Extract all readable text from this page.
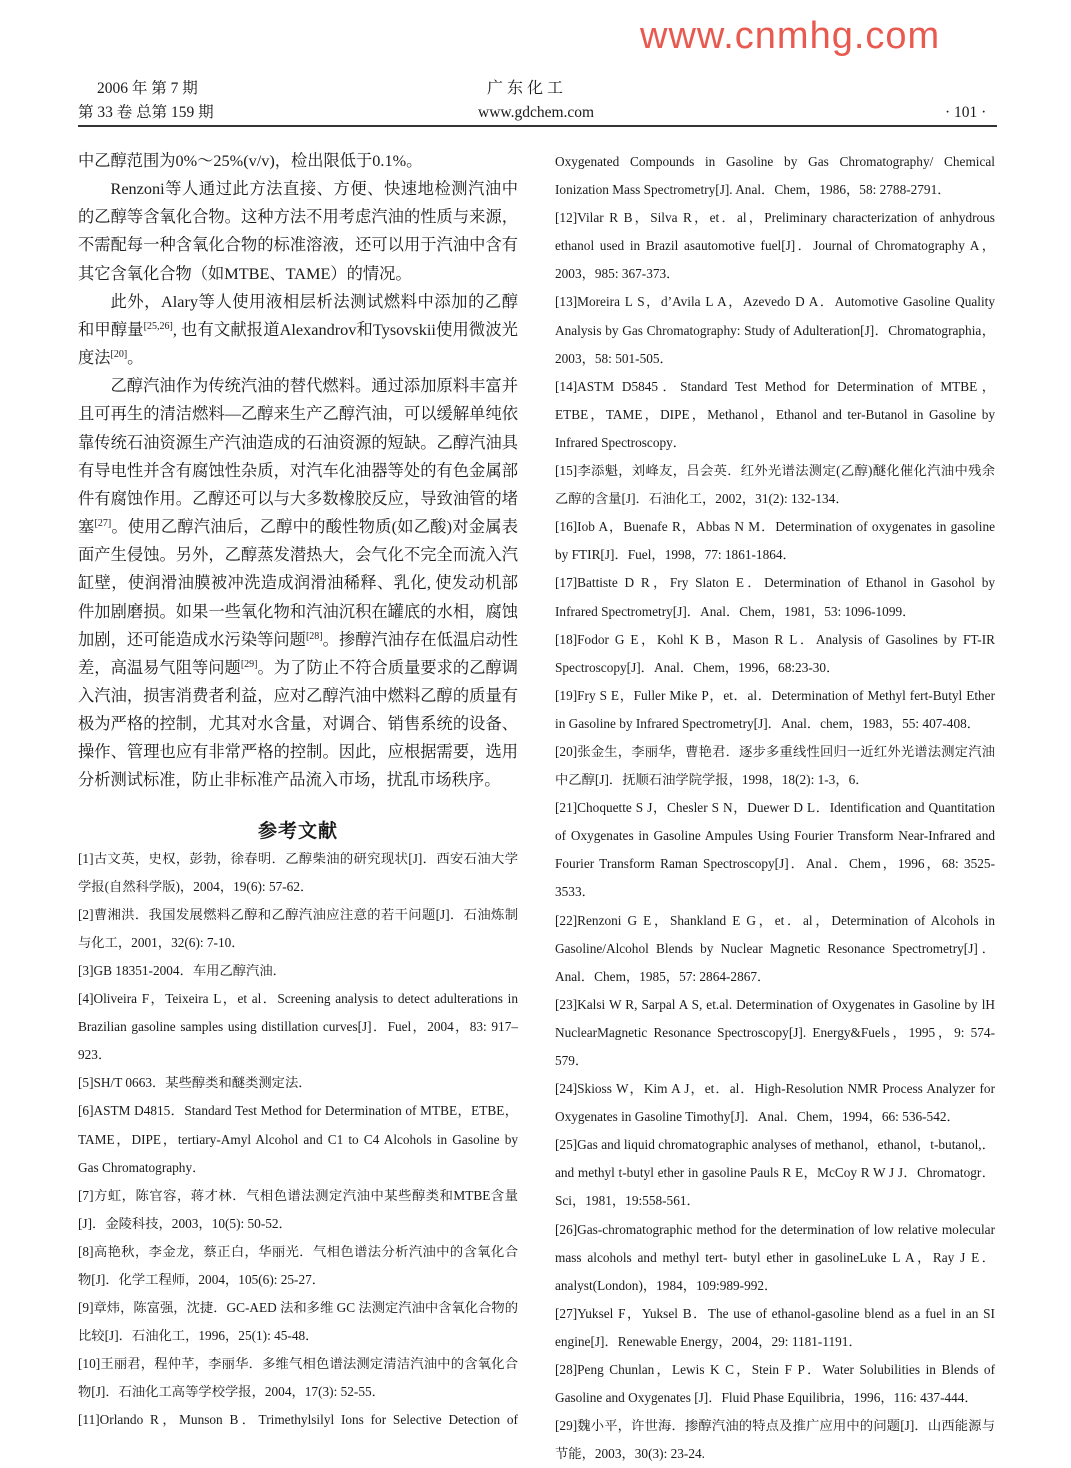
2006 年 第 7 期
第 33 卷 总第 159 期
广 东 化 工
www.gdchem.com	· 101 ·

中乙醇范围为0%～25%(v/v)，检出限低于0.1%。

Renzoni等人通过此方法直接、方便、快速地检测汽油中的乙醇等含氧化合物。这种方法不用考虑汽油的性质与来源，不需配每一种含氧化合物的标准溶液，还可以用于汽油中含有其它含氧化合物（如MTBE、TAME）的情况。

此外，Alary等人使用液相层析法测试燃料中添加的乙醇和甲醇量[25,26], 也有文献报道Alexandrov和Tysovskii使用微波光度法[20]。

乙醇汽油作为传统汽油的替代燃料。通过添加原料丰富并且可再生的清洁燃料—乙醇来生产乙醇汽油，可以缓解单纯依靠传统石油资源生产汽油造成的石油资源的短缺。乙醇汽油具有导电性并含有腐蚀性杂质，对汽车化油器等处的有色金属部件有腐蚀作用。乙醇还可以与大多数橡胶反应，导致油管的堵塞[27]。使用乙醇汽油后，乙醇中的酸性物质(如乙酸)对金属表面产生侵蚀。另外，乙醇蒸发潜热大，会气化不完全而流入汽缸壁，使润滑油膜被冲洗造成润滑油稀释、乳化, 使发动机部件加剧磨损。如果一些氧化物和汽油沉积在罐底的水相，腐蚀加剧，还可能造成水污染等问题[28]。掺醇汽油存在低温启动性差，高温易气阻等问题[29]。为了防止不符合质量要求的乙醇调入汽油，损害消费者利益，应对乙醇汽油中燃料乙醇的质量有极为严格的控制，尤其对水含量，对调合、销售系统的设备、操作、管理也应有非常严格的控制。因此，应根据需要，选用分析测试标准，防止非标准产品流入市场，扰乱市场秩序。

参考文献
[1]古文英，史权，彭勃，徐春明．乙醇柴油的研究现状[J]．西安石油大学学报(自然科学版)，2004，19(6): 57-62．
[2]曹湘洪．我国发展燃料乙醇和乙醇汽油应注意的若干问题[J]．石油炼制与化工，2001，32(6): 7-10．
[3]GB 18351-2004．车用乙醇汽油．
[4]Oliveira F，Teixeira L，et al．Screening analysis to detect adulterations in Brazilian gasoline samples using distillation curves[J]．Fuel，2004，83: 917–923．
[5]SH/T 0663．某些醇类和醚类测定法．
[6]ASTM D4815．Standard Test Method for Determination of MTBE，ETBE，TAME，DIPE，tertiary-Amyl Alcohol and C1 to C4 Alcohols in Gasoline by Gas Chromatography．
[7]方虹，陈官容，蒋才林．气相色谱法测定汽油中某些醇类和MTBE含量[J]．金陵科技，2003，10(5): 50-52．
[8]高艳秋，李金龙，蔡正白，华丽光．气相色谱法分析汽油中的含氧化合物[J]．化学工程师，2004，105(6): 25-27．
[9]章炜，陈富强，沈捷．GC-AED 法和多维 GC 法测定汽油中含氧化合物的比较[J]．石油化工，1996，25(1): 45-48．
[10]王丽君，程仲芊，李丽华．多维气相色谱法测定清洁汽油中的含氧化合物[J]．石油化工高等学校学报，2004，17(3): 52-55．
[11]Orlando R，Munson B．Trimethylsilyl Ions for Selective Detection of
Oxygenated Compounds in Gasoline by Gas Chromatography/ Chemical Ionization Mass Spectrometry[J]. Anal．Chem，1986，58: 2788-2791．
[12]Vilar R B，Silva R，et．al，Preliminary characterization of anhydrous ethanol used in Brazil asautomotive fuel[J]．Journal of Chromatography A，2003，985: 367-373．
[13]Moreira L S，d’Avila L A，Azevedo D A．Automotive Gasoline Quality Analysis by Gas Chromatography: Study of Adulteration[J]．Chromatographia，2003，58: 501-505．
[14]ASTM D5845．Standard Test Method for Determination of MTBE，ETBE，TAME，DIPE，Methanol，Ethanol and ter-Butanol in Gasoline by Infrared Spectroscopy．
[15]李添魁，刘峰友，吕会英．红外光谱法测定(乙醇)醚化催化汽油中残余乙醇的含量[J]．石油化工，2002，31(2): 132-134．
[16]Iob A，Buenafe R，Abbas N M．Determination of oxygenates in gasoline by FTIR[J]．Fuel，1998，77: 1861-1864．
[17]Battiste D R，Fry Slaton E．Determination of Ethanol in Gasohol by Infrared Spectrometry[J]．Anal．Chem，1981，53: 1096-1099．
[18]Fodor G E，Kohl K B，Mason R L．Analysis of Gasolines by FT-IR Spectroscopy[J]．Anal．Chem，1996，68:23-30．
[19]Fry S E，Fuller Mike P，et．al．Determination of Methyl fert-Butyl Ether in Gasoline by Infrared Spectrometry[J]．Anal．chem，1983，55: 407-408．
[20]张金生，李丽华，曹艳君．逐步多重线性回归一近红外光谱法测定汽油中乙醇[J]．抚顺石油学院学报，1998，18(2): 1-3，6．
[21]Choquette S J，Chesler S N，Duewer D L．Identification and Quantitation of Oxygenates in Gasoline Ampules Using Fourier Transform Near-Infrared and Fourier Transform Raman Spectroscopy[J]．Anal．Chem，1996，68: 3525-3533．
[22]Renzoni G E，Shankland E G，et．al，Determination of Alcohols in Gasoline/Alcohol Blends by Nuclear Magnetic Resonance Spectrometry[J]．Anal．Chem，1985，57: 2864-2867．
[23]Kalsi W R, Sarpal A S, et.al. Determination of Oxygenates in Gasoline by lH NuclearMagnetic Resonance Spectroscopy[J]. Energy&Fuels，1995，9: 574-579．
[24]Skioss W，Kim A J，et．al．High-Resolution NMR Process Analyzer for Oxygenates in Gasoline Timothy[J]．Anal．Chem，1994，66: 536-542．
[25]Gas and liquid chromatographic analyses of methanol，ethanol，t-butanol,．and methyl t-butyl ether in gasoline Pauls R E，McCoy R W J J．Chromatogr．Sci，1981，19:558-561．
[26]Gas-chromatographic method for the determination of low relative molecular mass alcohols and methyl tert- butyl ether in gasolineLuke L A，Ray J E．analyst(London)，1984，109:989-992．
[27]Yuksel F，Yuksel B．The use of ethanol-gasoline blend as a fuel in an SI engine[J]．Renewable Energy，2004，29: 1181-1191．
[28]Peng Chunlan，Lewis K C，Stein F P．Water Solubilities in Blends of Gasoline and Oxygenates [J]．Fluid Phase Equilibria，1996，116: 437-444．
[29]魏小平，许世海．掺醇汽油的特点及推广应用中的问题[J]．山西能源与节能，2003，30(3): 23-24.
www.cnmhg.com
